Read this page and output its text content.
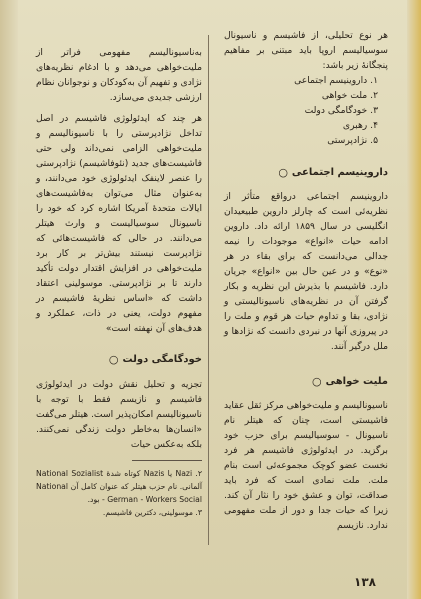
هر نوع تحلیلی، از فاشیسم و ناسیونال سوسیالیسم اروپا باید مبتنی بر مفاهیم پنجگانهٔ زیر باشد:

۱. داروینیسم اجتماعی
۲. ملت خواهی
۳. خودگامگی دولت
۴. رهبری
۵. نژادپرستی
داروینیسم اجتماعی
○

داروینیسم اجتماعی درواقع متأثر از نظریه‌ئی است که چارلز داروین طبیعیدان انگلیسی در سال ۱۸۵۹ ارائه داد. داروین ادامه حیات «انواع» موجودات را نیمه جدالی می‌دانست که برای بقاء در هر «نوع» و در عین حال بین «انواع» جریان دارد. فاشیسم با بذیرش این نظریه و بکار گرفتن آن در نظریه‌های ناسیونالیستی و نژادی، بقا و تداوم حیات هر قوم و ملت را در پیروزی آنها در نبردی دانست که نژادها و ملل درگیر آنند.

ملیت خواهی
○

ناسیونالیسم و ملیت‌خواهی مرکز ثقل عقاید فاشیستی است، چنان که هیتلر نام ناسیونال - سوسیالیسم برای حزب خود برگزید. در ایدئولوژی فاشیسم هر فرد نخست عضو کوچک مجموعه‌ئی است بنام ملت. ملت نمادی است که فرد باید صداقت، توان و عشق خود را نثار آن کند. زیرا که حیات جدا و دور از ملت مفهومی ندارد. نازیسم

به‌ناسیونالیسم مفهومی فراتر از ملیت‌خواهی می‌دهد و با ادغام نظریه‌های نژادی و تفهیم آن به‌کودکان و نوجوانان نظام ارزشی جدیدی می‌سازد.

هر چند که ایدئولوژی فاشیسم در اصل تداخل نژادپرستی را با ناسیونالیسم و ملیت‌خواهی الزامی نمی‌داند ولی حتی فاشیست‌های جدید (نئوفاشیسم) نژادپرستی را عنصر لاینفک ایدئولوژی خود می‌دانند، و به‌عنوان مثال می‌توان به‌فاشیست‌های ایالات متحدهٔ آمریکا اشاره کرد که خود را ناسیونال سوسیالیست و وارث هیتلر می‌دانند. در حالی که فاشیست‌هائی که نژادپرست نیستند بیش‌تر بر کار برد ملیت‌خواهی در افزایش اقتدار دولت تأکید دارند تا بر نژادپرستی. موسولینی اعتقاد داشت که «اساس نظریهٔ فاشیسم در مفهوم دولت، یعنی در ذات، عملکرد و هدف‌های آن نهفته است»

خودگامگی دولت
○

تجزیه و تحلیل نقش دولت در ایدئولوژی فاشیسم و نازیسم فقط با توجه با ناسیونالیسم امکان‌پذیر است. هیتلر می‌گفت «انسان‌ها به‌خاطر دولت زندگی نمی‌کنند. بلکه به‌عکس حیات

۲. Nazi یا Nazis کوتاه شدهٔ National Sozialist آلمانی. نام حزب هیتلر که عنوان کامل آن National - German - Workers Social بود.

۳. موسولینی، دکترین فاشیسم.

۱۳۸
